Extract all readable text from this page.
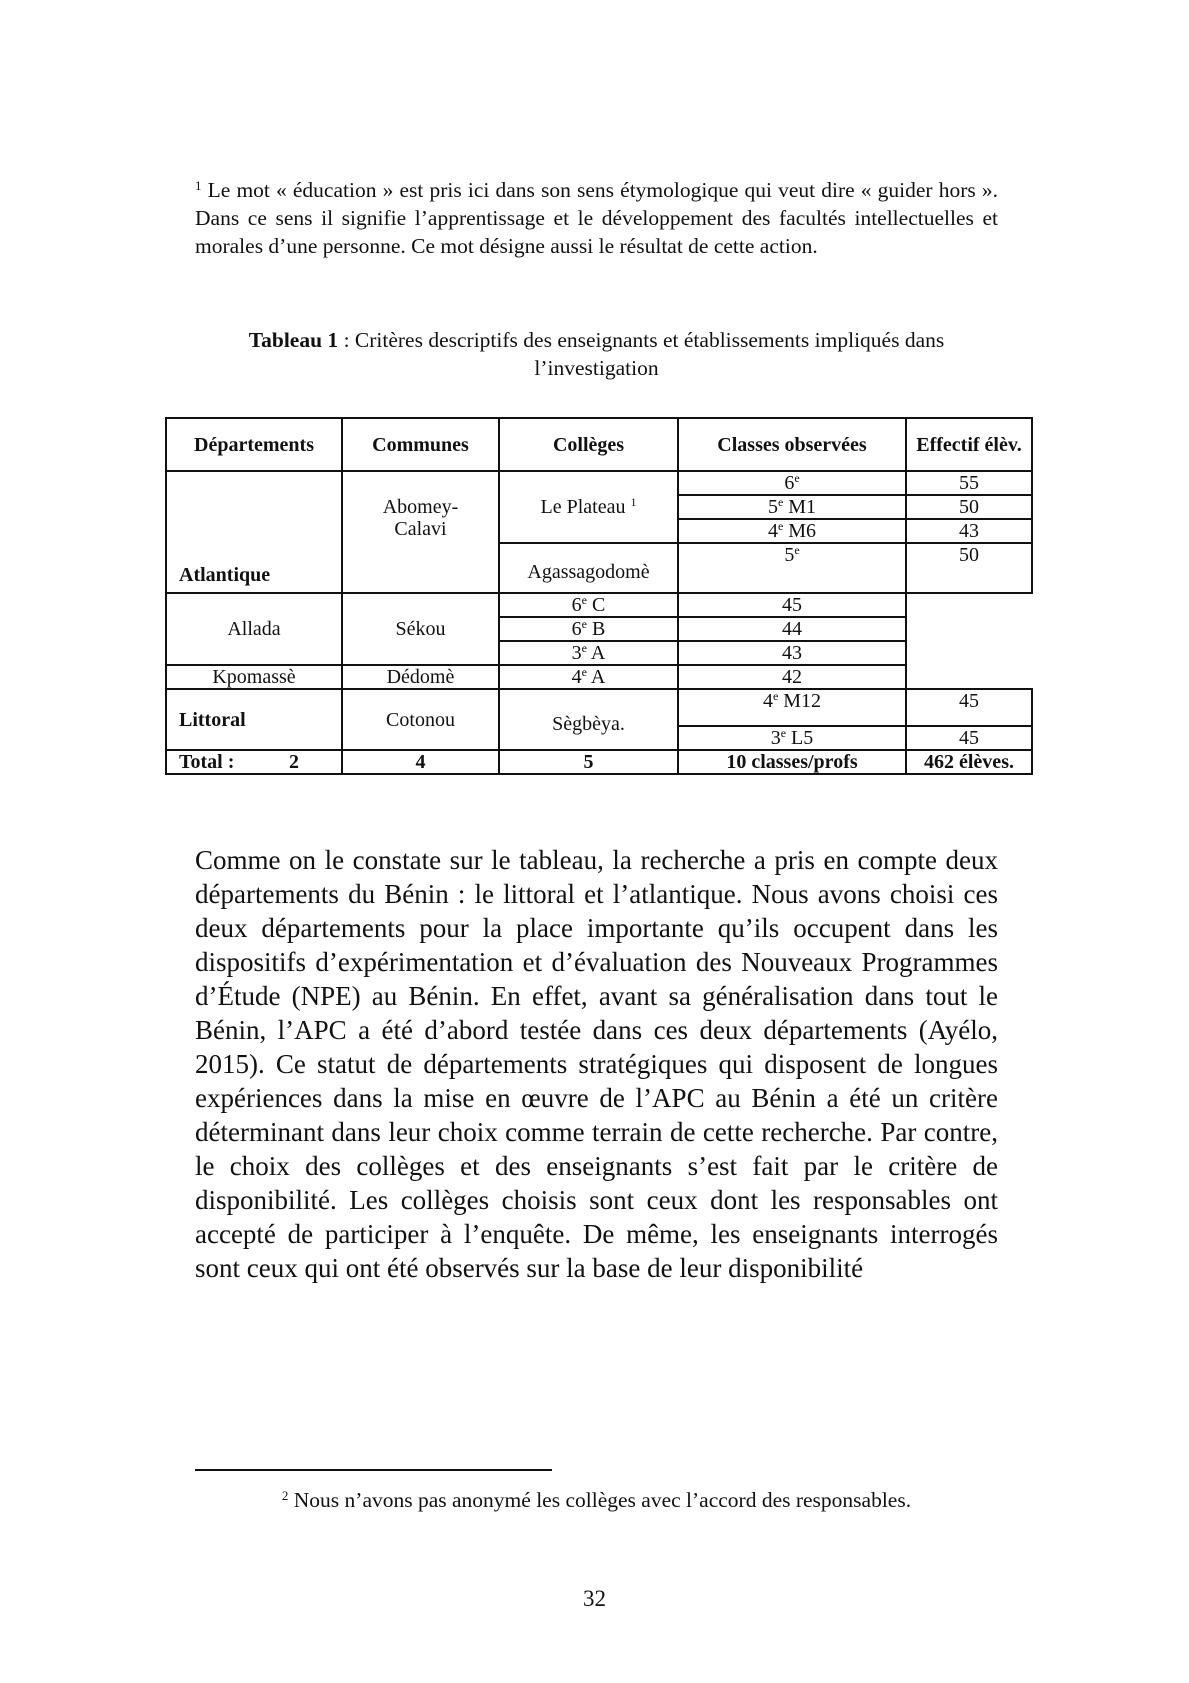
$^1$ Le mot « éducation » est pris ici dans son sens étymologique qui veut dire « guider hors ». Dans ce sens il signifie l’apprentissage et le développement des facultés intellectuelles et morales d’une personne. Ce mot désigne aussi le résultat de cette action.
Tableau 1 : Critères descriptifs des enseignants et établissements impliqués dans l’investigation
Départements	Communes	Collèges	Classes observées	Effectif élèv.
Atlantique	Abomey-Calavi	Le Plateau $^1$	6e	55
			5e M1	50
			4e M6	43
		Agassagodomè	5e	50

Allada	Sékou	6e C	45	
		6e B	44	
		3e A	43	
Kpomassè	Dédomè	4e A	42	
Littoral	Cotonou	Sègbèya.	4e M12	45
			3e L5	45

Total : 2	4	5	10 classes/profs	462 élèves.
Comme on le constate sur le tableau, la recherche a pris en compte deux départements du Bénin : le littoral et l’atlantique. Nous avons choisi ces deux départements pour la place importante qu’ils occupent dans les dispositifs d’expérimentation et d’évaluation des Nouveaux Programmes d’Étude (NPE) au Bénin. En effet, avant sa généralisation dans tout le Bénin, l’APC a été d’abord testée dans ces deux départements (Ayélo, 2015). Ce statut de départements stratégiques qui disposent de longues expériences dans la mise en œuvre de l’APC au Bénin a été un critère déterminant dans leur choix comme terrain de cette recherche. Par contre, le choix des collèges et des enseignants s’est fait par le critère de disponibilité. Les collèges choisis sont ceux dont les responsables ont accepté de participer à l’enquête. De même, les enseignants interrogés sont ceux qui ont été observés sur la base de leur disponibilité
$^2$ Nous n’avons pas anonymé les collèges avec l’accord des responsables.
32
